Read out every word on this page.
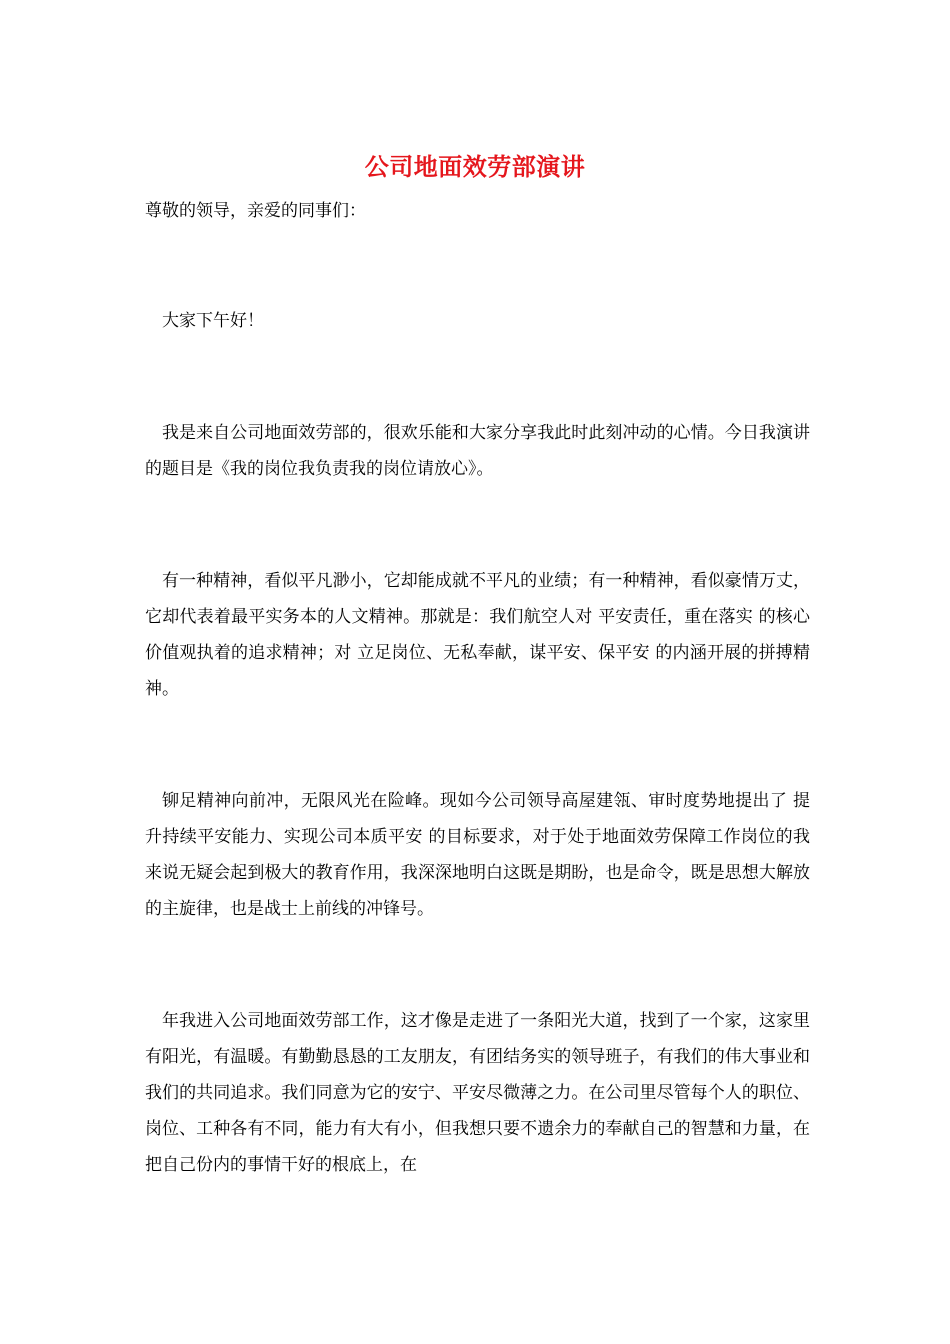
公司地面效劳部演讲

尊敬的领导，亲爱的同事们：

大家下午好！

我是来自公司地面效劳部的，很欢乐能和大家分享我此时此刻冲动的心情。今日我演讲的题目是《我的岗位我负责我的岗位请放心》。

有一种精神，看似平凡渺小，它却能成就不平凡的业绩；有一种精神，看似豪情万丈，它却代表着最平实务本的人文精神。那就是：我们航空人对 平安责任，重在落实 的核心价值观执着的追求精神；对 立足岗位、无私奉献，谋平安、保平安 的内涵开展的拼搏精神。

铆足精神向前冲，无限风光在险峰。现如今公司领导高屋建瓴、审时度势地提出了 提升持续平安能力、实现公司本质平安 的目标要求，对于处于地面效劳保障工作岗位的我来说无疑会起到极大的教育作用，我深深地明白这既是期盼，也是命令，既是思想大解放的主旋律，也是战士上前线的冲锋号。

年我进入公司地面效劳部工作，这才像是走进了一条阳光大道，找到了一个家，这家里有阳光，有温暖。有勤勤恳恳的工友朋友，有团结务实的领导班子，有我们的伟大事业和我们的共同追求。我们同意为它的安宁、平安尽微薄之力。在公司里尽管每个人的职位、岗位、工种各有不同，能力有大有小，但我想只要不遗余力的奉献自己的智慧和力量，在把自己份内的事情干好的根底上，在
